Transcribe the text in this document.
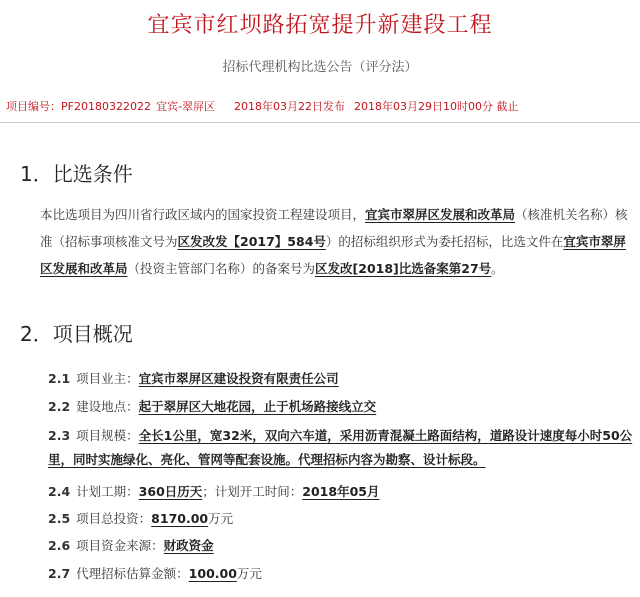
宜宾市红坝路拓宽提升新建段工程
招标代理机构比选公告（评分法）
项目编号：PF20180322022 宜宾-翠屏区 2018年03月22日发布 2018年03月29日10时00分 截止
1．比选条件
本比选项目为四川省行政区域内的国家投资工程建设项目，宜宾市翠屏区发展和改革局（核准机关名称）核准（招标事项核准文号为区发改发【2017】584号）的招标组织形式为委托招标，比选文件在宜宾市翠屏区发展和改革局（投资主管部门名称）的备案号为区发改[2018]比选备案第27号。
2．项目概况
2.1 项目业主：宜宾市翠屏区建设投资有限责任公司
2.2 建设地点：起于翠屏区大地花园，止于机场路接线立交
2.3 项目规模：全长1公里，宽32米，双向六车道，采用沥青混凝土路面结构，道路设计速度每小时50公里，同时实施绿化、亮化、管网等配套设施。代理招标内容为勘察、设计标段。
2.4 计划工期：360日历天；计划开工时间：2018年05月
2.5 项目总投资：8170.00万元
2.6 项目资金来源：财政资金
2.7 代理招标估算金额：100.00万元
